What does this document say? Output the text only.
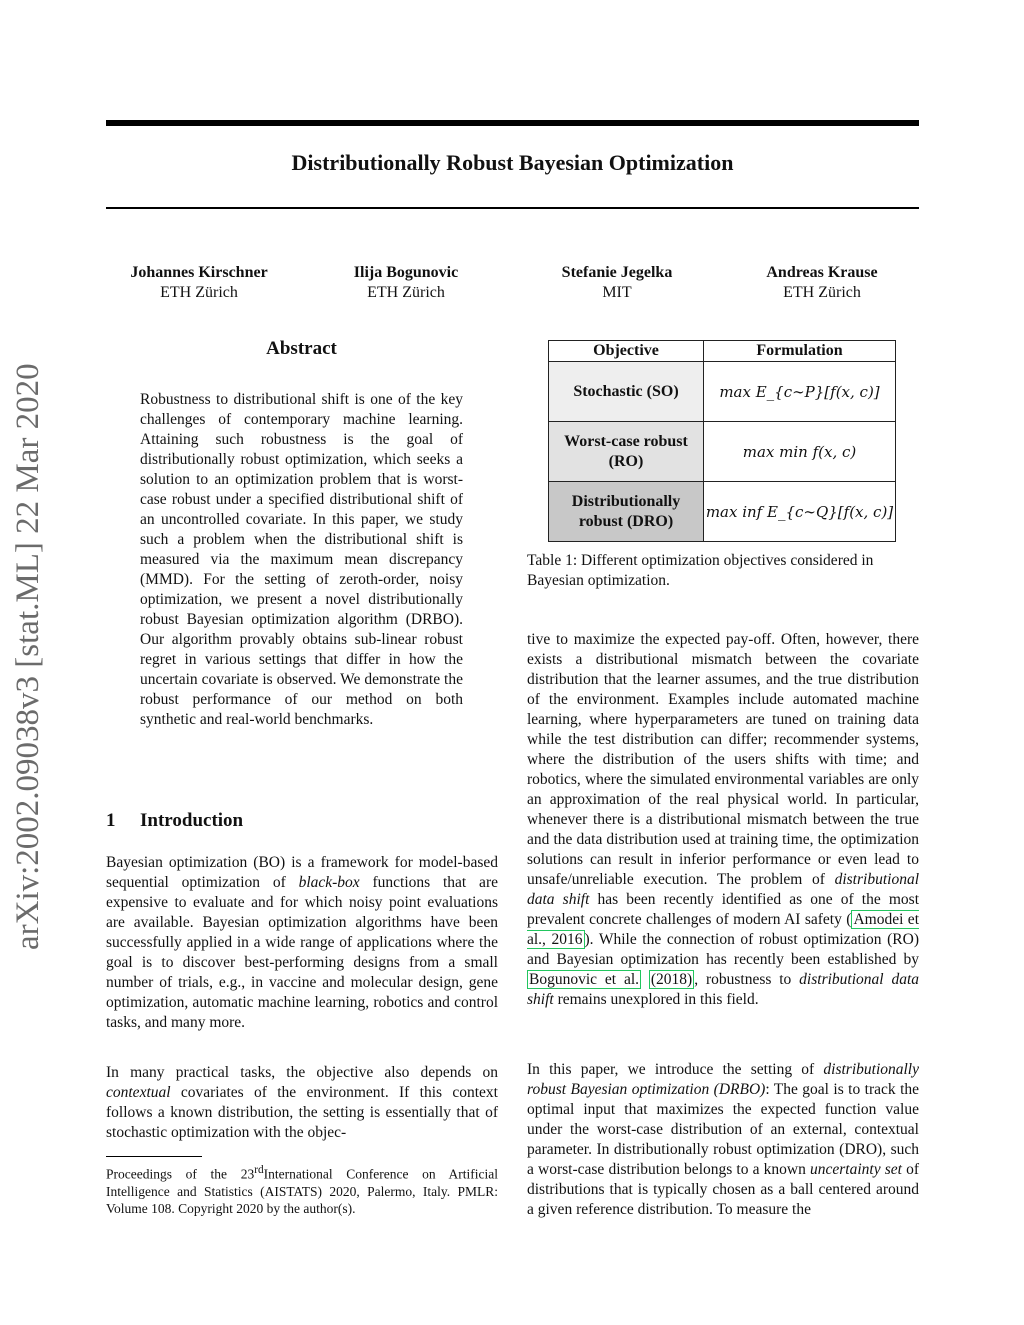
Distributionally Robust Bayesian Optimization
Johannes Kirschner
ETH Zürich
Ilija Bogunovic
ETH Zürich
Stefanie Jegelka
MIT
Andreas Krause
ETH Zürich
arXiv:2002.09038v3 [stat.ML] 22 Mar 2020
Abstract
Robustness to distributional shift is one of the key challenges of contemporary machine learning. Attaining such robustness is the goal of distributionally robust optimization, which seeks a solution to an optimization problem that is worst-case robust under a specified distributional shift of an uncontrolled covariate. In this paper, we study such a problem when the distributional shift is measured via the maximum mean discrepancy (MMD). For the setting of zeroth-order, noisy optimization, we present a novel distributionally robust Bayesian optimization algorithm (DRBO). Our algorithm provably obtains sub-linear robust regret in various settings that differ in how the uncertain covariate is observed. We demonstrate the robust performance of our method on both synthetic and real-world benchmarks.
1 Introduction
Bayesian optimization (BO) is a framework for model-based sequential optimization of black-box functions that are expensive to evaluate and for which noisy point evaluations are available. Bayesian optimization algorithms have been successfully applied in a wide range of applications where the goal is to discover best-performing designs from a small number of trials, e.g., in vaccine and molecular design, gene optimization, automatic machine learning, robotics and control tasks, and many more.
In many practical tasks, the objective also depends on contextual covariates of the environment. If this context follows a known distribution, the setting is essentially that of stochastic optimization with the objec-
Proceedings of the 23rdInternational Conference on Artificial Intelligence and Statistics (AISTATS) 2020, Palermo, Italy. PMLR: Volume 108. Copyright 2020 by the author(s).
Objective	Formulation
Stochastic (SO)	max E_{c∼P}[f(x, c)]
Worst-case robust (RO)	max min f(x, c)
Distributionally robust (DRO)	max inf E_{c∼Q}[f(x, c)]
Table 1: Different optimization objectives considered in Bayesian optimization.
tive to maximize the expected pay-off. Often, however, there exists a distributional mismatch between the covariate distribution that the learner assumes, and the true distribution of the environment. Examples include automated machine learning, where hyperparameters are tuned on training data while the test distribution can differ; recommender systems, where the distribution of the users shifts with time; and robotics, where the simulated environmental variables are only an approximation of the real physical world. In particular, whenever there is a distributional mismatch between the true and the data distribution used at training time, the optimization solutions can result in inferior performance or even lead to unsafe/unreliable execution. The problem of distributional data shift has been recently identified as one of the most prevalent concrete challenges of modern AI safety ( Amodei et al., 2016 ). While the connection of robust optimization (RO) and Bayesian optimization has recently been established by Bogunovic et al. (2018) , robustness to distributional data shift remains unexplored in this field.
In this paper, we introduce the setting of distributionally robust Bayesian optimization (DRBO): The goal is to track the optimal input that maximizes the expected function value under the worst-case distribution of an external, contextual parameter. In distributionally robust optimization (DRO), such a worst-case distribution belongs to a known uncertainty set of distributions that is typically chosen as a ball centered around a given reference distribution. To measure the
